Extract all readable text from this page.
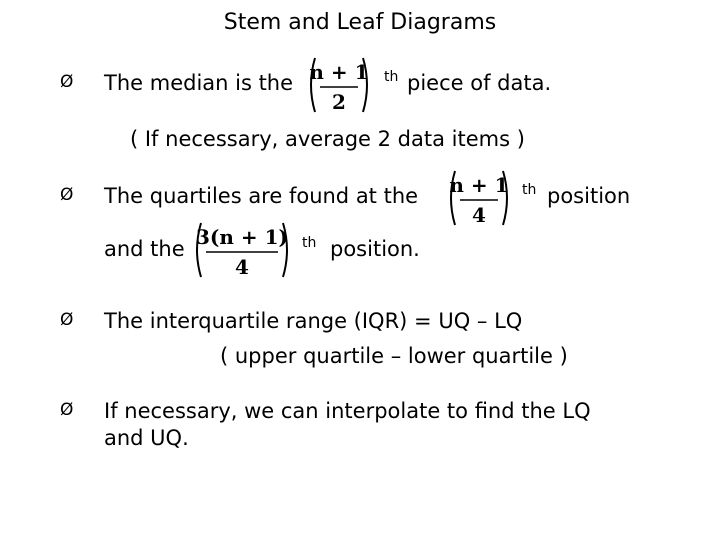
Stem and Leaf Diagrams
Ø The median is the n + 1
2
th piece of data.
( If necessary, average 2 data items )
Ø The quartiles are found at the n + 1
4
th position
and the 3(n + 1)
4
th position.
Ø The interquartile range (IQR) = UQ – LQ
( upper quartile – lower quartile )
Ø If necessary, we can interpolate to find the LQ
and UQ.
